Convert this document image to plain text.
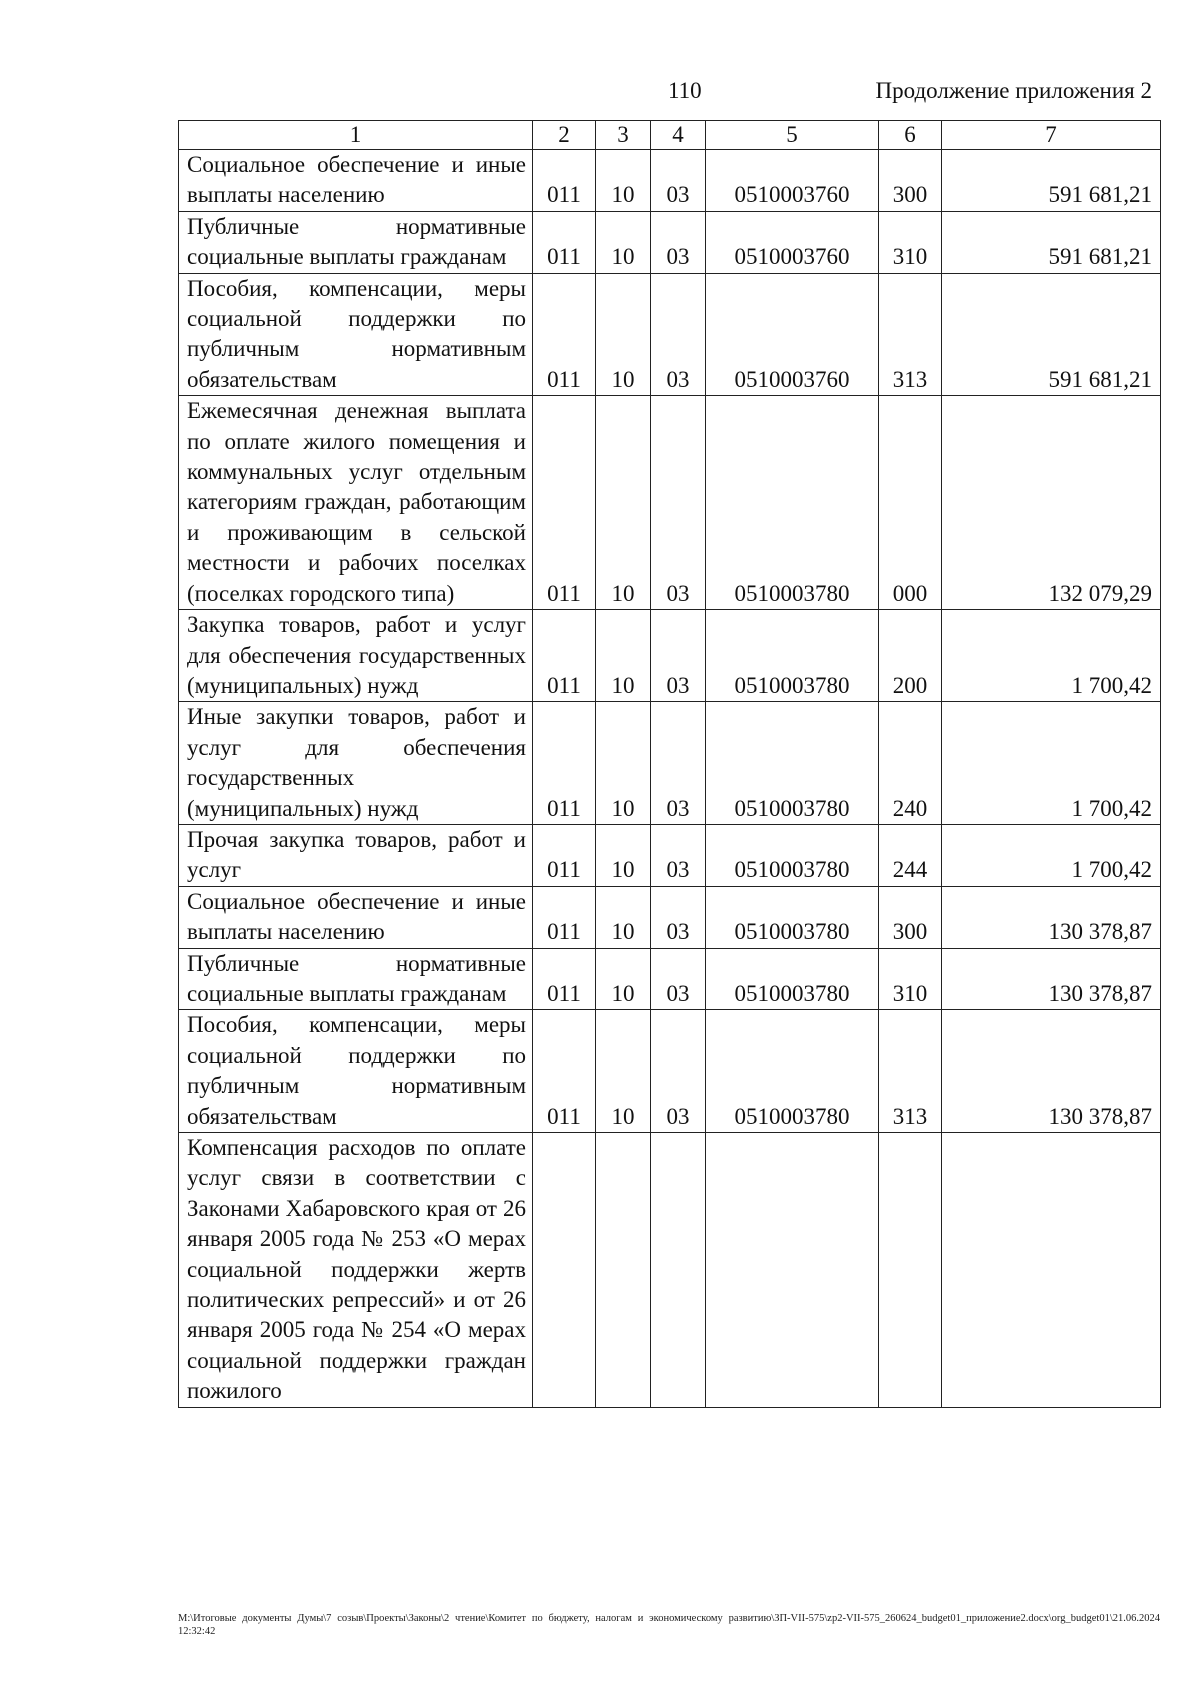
110	Продолжение приложения 2
1	2	3	4	5	6	7
Социальное обеспечение и иные выплаты населению	011	10	03	0510003760	300	591 681,21
Публичные нормативные социальные выплаты гражданам	011	10	03	0510003760	310	591 681,21
Пособия, компенсации, меры социальной поддержки по публичным нормативным обязательствам	011	10	03	0510003760	313	591 681,21
Ежемесячная денежная выплата по оплате жилого помещения и коммунальных услуг отдельным категориям граждан, работающим и проживающим в сельской местности и рабочих поселках (поселках городского типа)	011	10	03	0510003780	000	132 079,29
Закупка товаров, работ и услуг для обеспечения государственных (муниципальных) нужд	011	10	03	0510003780	200	1 700,42
Иные закупки товаров, работ и услуг для обеспечения государственных (муниципальных) нужд	011	10	03	0510003780	240	1 700,42
Прочая закупка товаров, работ и услуг	011	10	03	0510003780	244	1 700,42
Социальное обеспечение и иные выплаты населению	011	10	03	0510003780	300	130 378,87
Публичные нормативные социальные выплаты гражданам	011	10	03	0510003780	310	130 378,87
Пособия, компенсации, меры социальной поддержки по публичным нормативным обязательствам	011	10	03	0510003780	313	130 378,87
Компенсация расходов по оплате услуг связи в соответствии с Законами Хабаровского края от 26 января 2005 года № 253 «О мерах социальной поддержки жертв политических репрессий» и от 26 января 2005 года № 254 «О мерах социальной поддержки граждан пожилого						
M:\Итоговые документы Думы\7 созыв\Проекты\Законы\2 чтение\Комитет по бюджету, налогам и экономическому развитию\ЗП-VII-575\zp2-VII-575_260624_budget01_приложение2.docx\org_budget01\21.06.2024 12:32:42
